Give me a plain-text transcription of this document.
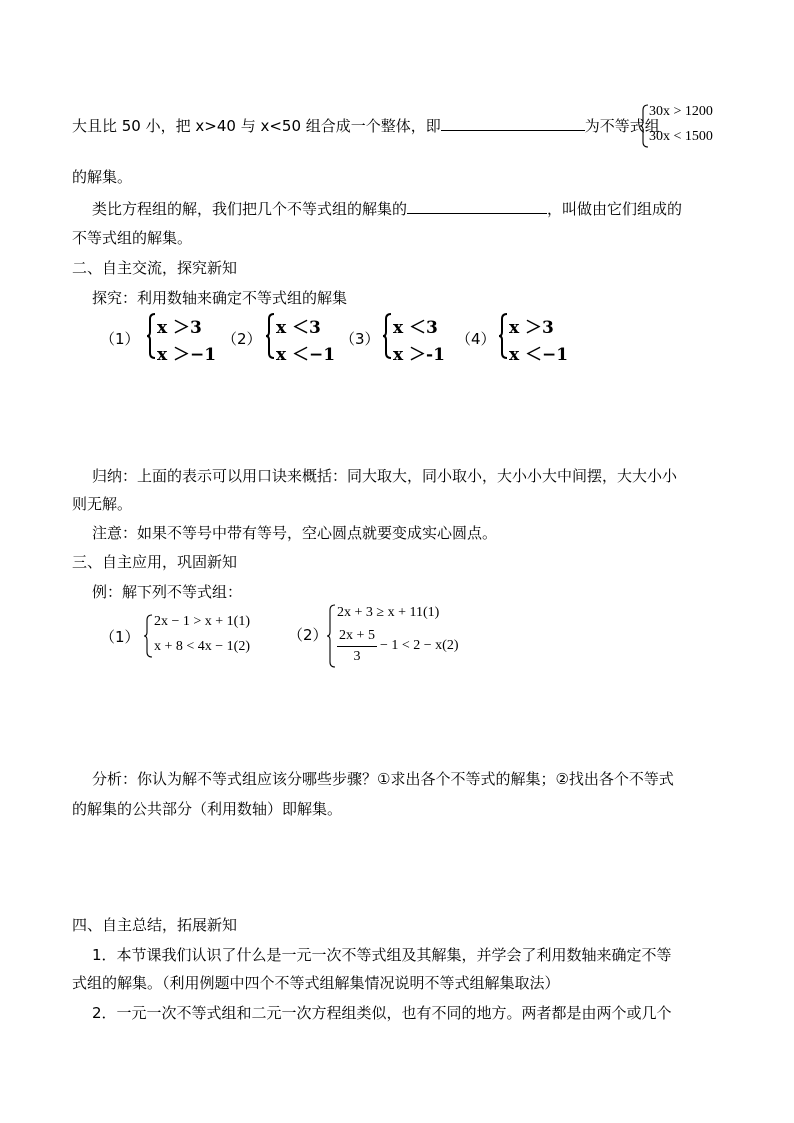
大且比 50 小，把 x>40 与 x<50 组合成一个整体，即	为不等式组
30x > 1200
30x < 1500
的解集。
类比方程组的解，我们把几个不等式组的解集的	，叫做由它们组成的
不等式组的解集。
二、自主交流，探究新知
探究：利用数轴来确定不等式组的解集
（1）
x ＞3
x ＞−1
（2）
x ＜3
x ＜−1
（3）
x ＜3
x ＞-1
（4）
x ＞3
x ＜−1
归纳：上面的表示可以用口诀来概括：同大取大，同小取小，大小小大中间摆，大大小小
则无解。
注意：如果不等号中带有等号，空心圆点就要变成实心圆点。
三、自主应用，巩固新知
例：解下列不等式组：
（1）
2x − 1 > x + 1(1)
x + 8 < 4x − 1(2)
（2）
2x + 3 ≥ x + 11(1)
2x + 5
3
− 1 < 2 − x(2)
分析：你认为解不等式组应该分哪些步骤？①求出各个不等式的解集；②找出各个不等式
的解集的公共部分（利用数轴）即解集。
四、自主总结，拓展新知
1．本节课我们认识了什么是一元一次不等式组及其解集，并学会了利用数轴来确定不等
式组的解集。（利用例题中四个不等式组解集情况说明不等式组解集取法）
2．一元一次不等式组和二元一次方程组类似，也有不同的地方。两者都是由两个或几个
